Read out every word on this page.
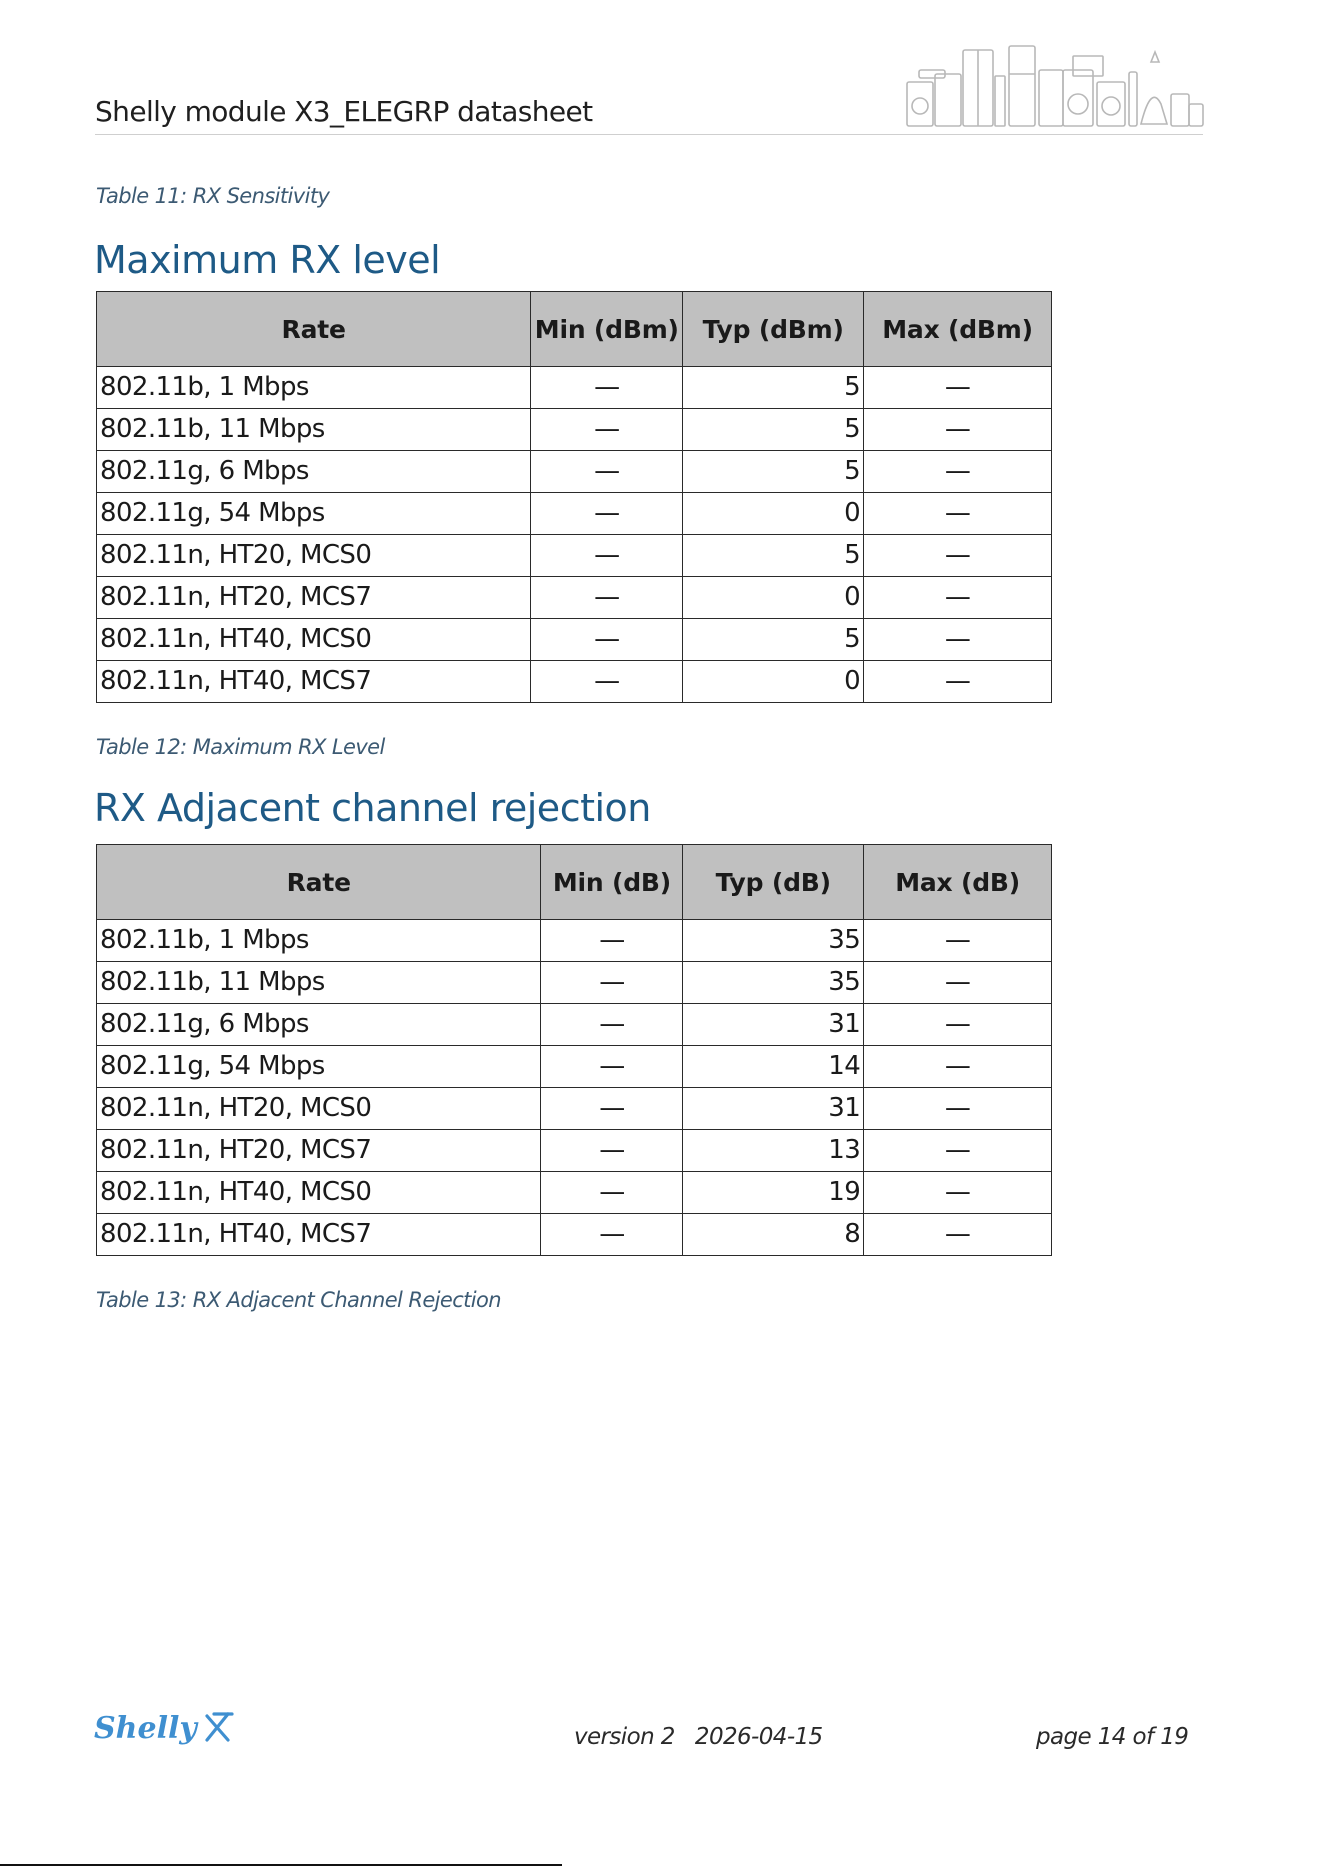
Shelly module X3_ELEGRP datasheet
Table 11: RX Sensitivity
Maximum RX level
Rate	Min (dBm)	Typ (dBm)	Max (dBm)
802.11b, 1 Mbps	—	5	—
802.11b, 11 Mbps	—	5	—
802.11g, 6 Mbps	—	5	—
802.11g, 54 Mbps	—	0	—
802.11n, HT20, MCS0	—	5	—
802.11n, HT20, MCS7	—	0	—
802.11n, HT40, MCS0	—	5	—
802.11n, HT40, MCS7	—	0	—
Table 12: Maximum RX Level
RX Adjacent channel rejection
Rate	Min (dB)	Typ (dB)	Max (dB)
802.11b, 1 Mbps	—	35	—
802.11b, 11 Mbps	—	35	—
802.11g, 6 Mbps	—	31	—
802.11g, 54 Mbps	—	14	—
802.11n, HT20, MCS0	—	31	—
802.11n, HT20, MCS7	—	13	—
802.11n, HT40, MCS0	—	19	—
802.11n, HT40, MCS7	—	8	—
Table 13: RX Adjacent Channel Rejection
Shelly	version 2   2026-04-15	page 14 of 19
